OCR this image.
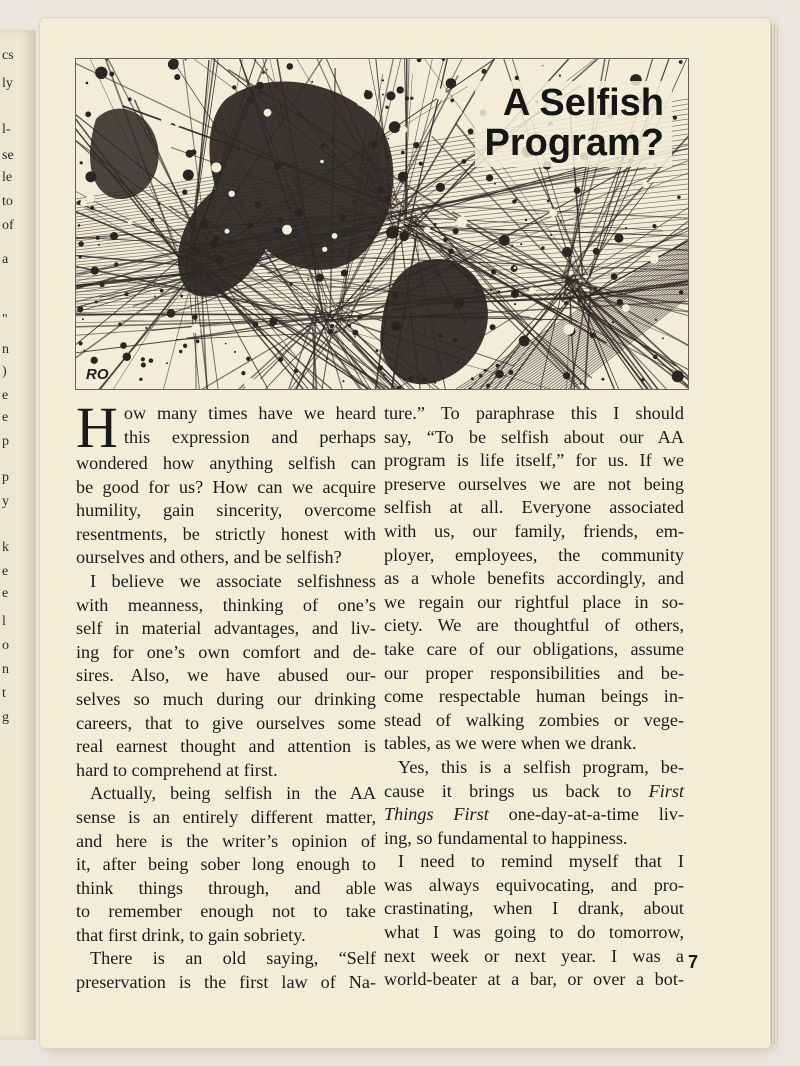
cs
ly
l-
se
le
to
of
a
"
n
)
e
e
p
p
y
k
e
e
l
o
n
t
g
A Selfish
Program?
RO
H ow many times have we heard
this expression and perhaps
wondered how anything selfish can
be good for us? How can we acquire
humility, gain sincerity, overcome
resentments, be strictly honest with
ourselves and others, and be selfish?
I believe we associate selfishness
with meanness, thinking of one’s
self in material advantages, and liv-
ing for one’s own comfort and de-
sires. Also, we have abused our-
selves so much during our drinking
careers, that to give ourselves some
real earnest thought and attention is
hard to comprehend at first.
Actually, being selfish in the AA
sense is an entirely different matter,
and here is the writer’s opinion of
it, after being sober long enough to
think things through, and able
to remember enough not to take
that first drink, to gain sobriety.
There is an old saying, “Self
preservation is the first law of Na-
ture.” To paraphrase this I should
say, “To be selfish about our AA
program is life itself,” for us. If we
preserve ourselves we are not being
selfish at all. Everyone associated
with us, our family, friends, em-
ployer, employees, the community
as a whole benefits accordingly, and
we regain our rightful place in so-
ciety. We are thoughtful of others,
take care of our obligations, assume
our proper responsibilities and be-
come respectable human beings in-
stead of walking zombies or vege-
tables, as we were when we drank.
Yes, this is a selfish program, be-
cause it brings us back to First
Things First one-day-at-a-time liv-
ing, so fundamental to happiness.
I need to remind myself that I
was always equivocating, and pro-
crastinating, when I drank, about
what I was going to do tomorrow,
next week or next year. I was a
world-beater at a bar, or over a bot-
7
